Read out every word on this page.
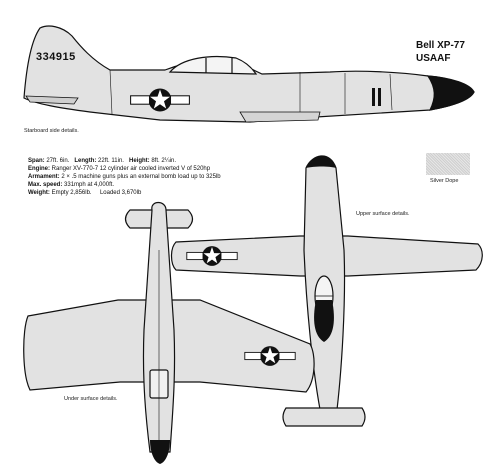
Bell XP-77

USAAF

334915

Starboard side details.

Upper surface details.

Under surface details.

Silver Dope

Span: 27ft. 6in. Length: 22ft. 11in. Height: 8ft. 2¼in.

Engine: Ranger XV-770-7 12 cylinder air cooled inverted V of 520hp

Armament: 2 × .5 machine guns plus an external bomb load up to 325lb

Max. speed: 331mph at 4,000ft.

Weight: Empty 2,856lb. Loaded 3,670lb
